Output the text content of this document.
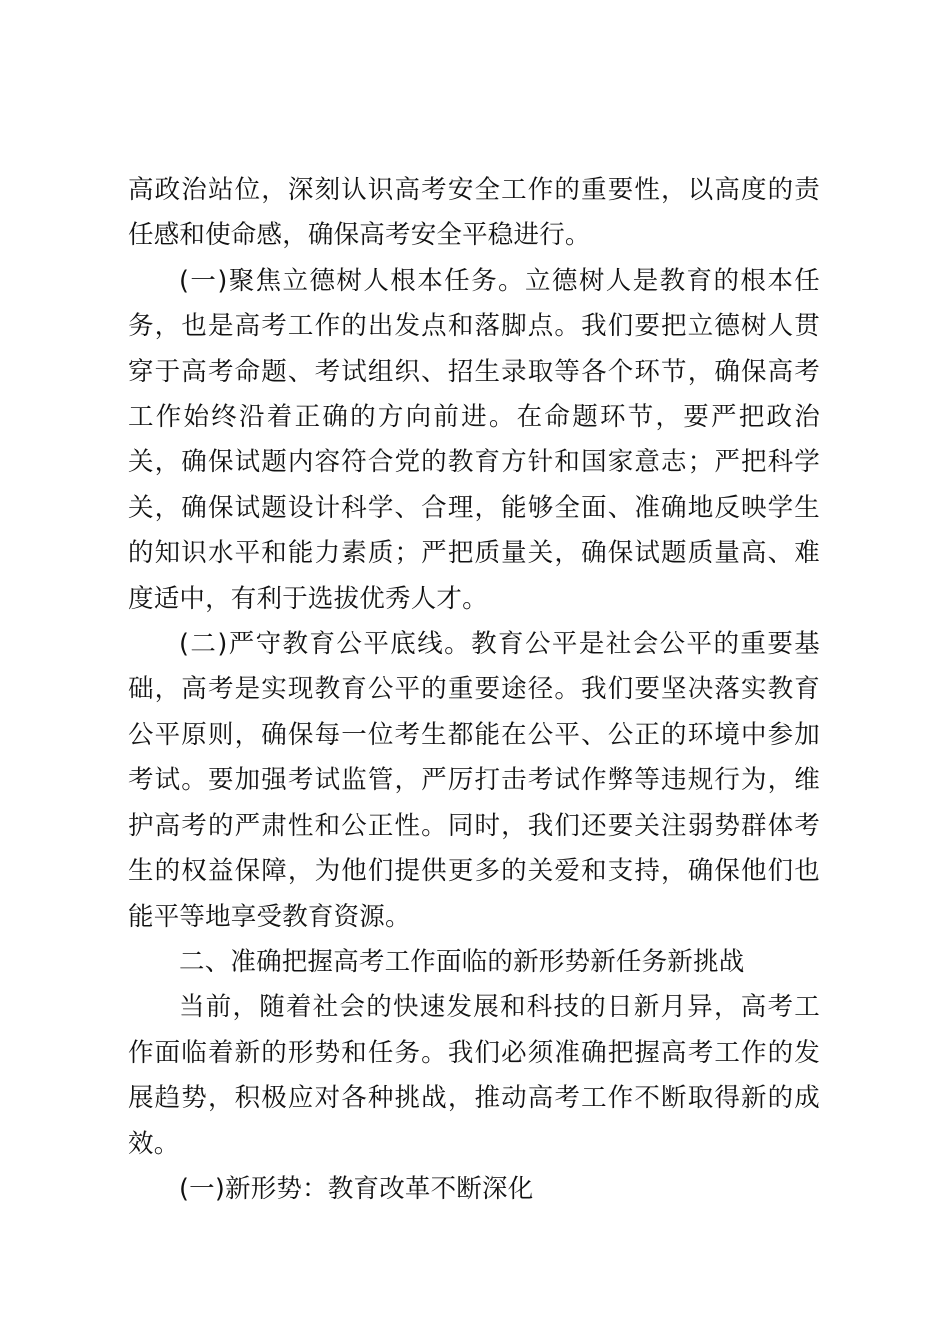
高政治站位，深刻认识高考安全工作的重要性，以高度的责任感和使命感，确保高考安全平稳进行。

(一)聚焦立德树人根本任务。立德树人是教育的根本任务，也是高考工作的出发点和落脚点。我们要把立德树人贯穿于高考命题、考试组织、招生录取等各个环节，确保高考工作始终沿着正确的方向前进。在命题环节，要严把政治关，确保试题内容符合党的教育方针和国家意志；严把科学关，确保试题设计科学、合理，能够全面、准确地反映学生的知识水平和能力素质；严把质量关，确保试题质量高、难度适中，有利于选拔优秀人才。

(二)严守教育公平底线。教育公平是社会公平的重要基础，高考是实现教育公平的重要途径。我们要坚决落实教育公平原则，确保每一位考生都能在公平、公正的环境中参加考试。要加强考试监管，严厉打击考试作弊等违规行为，维护高考的严肃性和公正性。同时，我们还要关注弱势群体考生的权益保障，为他们提供更多的关爱和支持，确保他们也能平等地享受教育资源。

二、准确把握高考工作面临的新形势新任务新挑战

当前，随着社会的快速发展和科技的日新月异，高考工作面临着新的形势和任务。我们必须准确把握高考工作的发展趋势，积极应对各种挑战，推动高考工作不断取得新的成效。

(一)新形势：教育改革不断深化
